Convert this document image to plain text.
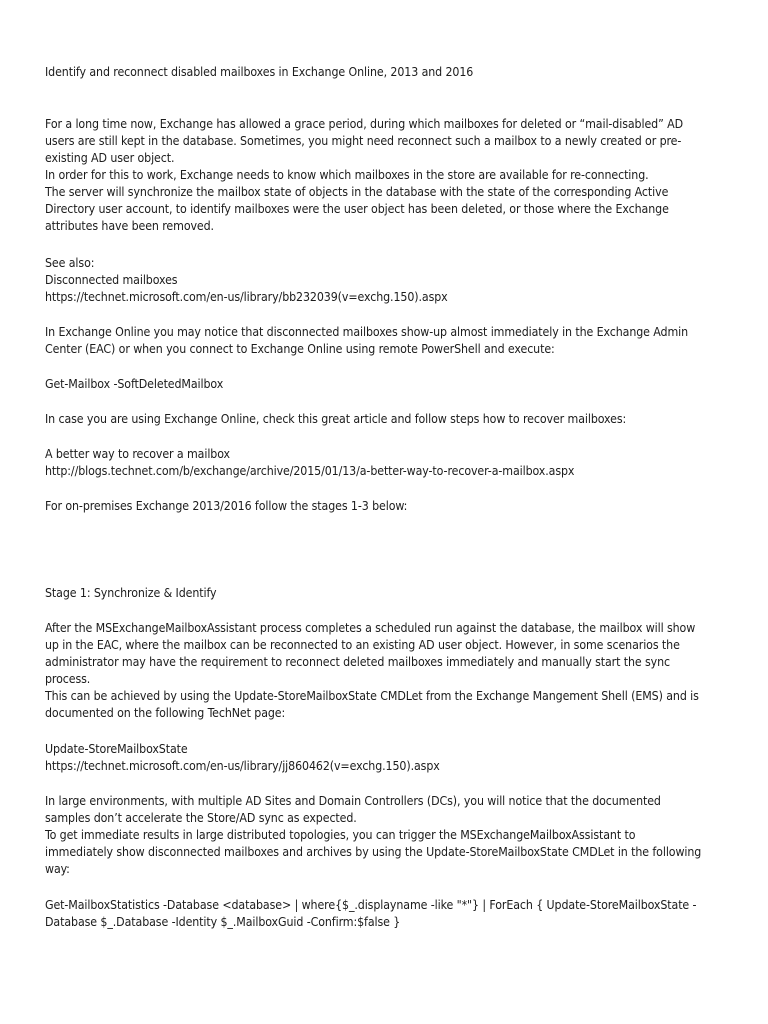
Identify and reconnect disabled mailboxes in Exchange Online, 2013 and 2016

For a long time now, Exchange has allowed a grace period, during which mailboxes for deleted or “mail-disabled” AD
users are still kept in the database. Sometimes, you might need reconnect such a mailbox to a newly created or pre-
existing AD user object.
In order for this to work, Exchange needs to know which mailboxes in the store are available for re-connecting.
The server will synchronize the mailbox state of objects in the database with the state of the corresponding Active
Directory user account, to identify mailboxes were the user object has been deleted, or those where the Exchange
attributes have been removed.

See also:

Disconnected mailboxes

https://technet.microsoft.com/en-us/library/bb232039(v=exchg.150).aspx

In Exchange Online you may notice that disconnected mailboxes show-up almost immediately in the Exchange Admin
Center (EAC) or when you connect to Exchange Online using remote PowerShell and execute:

Get-Mailbox -SoftDeletedMailbox

In case you are using Exchange Online, check this great article and follow steps how to recover mailboxes:

A better way to recover a mailbox

http://blogs.technet.com/b/exchange/archive/2015/01/13/a-better-way-to-recover-a-mailbox.aspx

For on-premises Exchange 2013/2016 follow the stages 1-3 below:

Stage 1: Synchronize & Identify

After the MSExchangeMailboxAssistant process completes a scheduled run against the database, the mailbox will show
up in the EAC, where the mailbox can be reconnected to an existing AD user object. However, in some scenarios the
administrator may have the requirement to reconnect deleted mailboxes immediately and manually start the sync
process.
This can be achieved by using the Update-StoreMailboxState CMDLet from the Exchange Mangement Shell (EMS) and is
documented on the following TechNet page:

Update-StoreMailboxState

https://technet.microsoft.com/en-us/library/jj860462(v=exchg.150).aspx

In large environments, with multiple AD Sites and Domain Controllers (DCs), you will notice that the documented
samples don’t accelerate the Store/AD sync as expected.
To get immediate results in large distributed topologies, you can trigger the MSExchangeMailboxAssistant to
immediately show disconnected mailboxes and archives by using the Update-StoreMailboxState CMDLet in the following
way:

Get-MailboxStatistics -Database <database> | where{$_.displayname -like "*"} | ForEach { Update-StoreMailboxState -
Database $_.Database -Identity $_.MailboxGuid -Confirm:$false }
